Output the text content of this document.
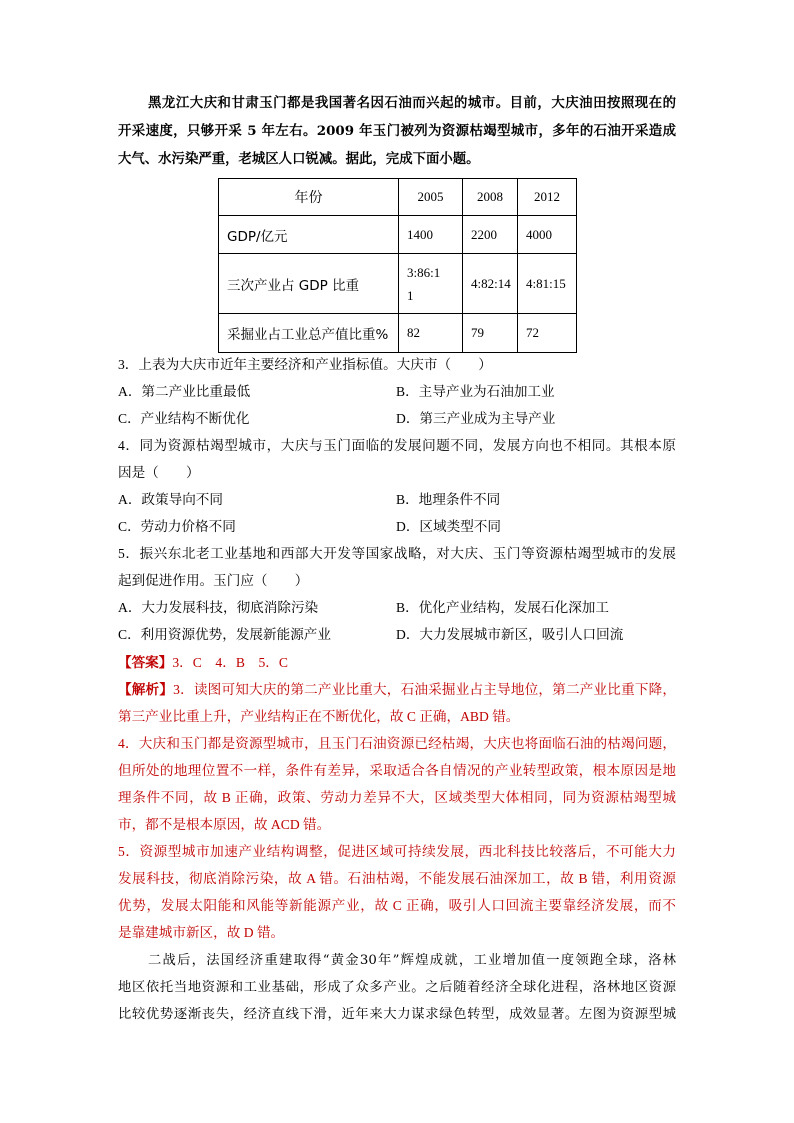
黑龙江大庆和甘肃玉门都是我国著名因石油而兴起的城市。目前，大庆油田按照现在的
开采速度，只够开采 5 年左右。2009 年玉门被列为资源枯竭型城市，多年的石油开采造成
大气、水污染严重，老城区人口锐减。据此，完成下面小题。
年份	2005	2008	2012
GDP/亿元	1400	2200	4000
三次产业占 GDP 比重	3:86:11	4:82:14	4:81:15
采掘业占工业总产值比重%	82	79	72
3．上表为大庆市近年主要经济和产业指标值。大庆市（　　）
A．第二产业比重最低	B．主导产业为石油加工业
C．产业结构不断优化	D．第三产业成为主导产业
4．同为资源枯竭型城市，大庆与玉门面临的发展问题不同，发展方向也不相同。其根本原
因是（　　）
A．政策导向不同	B．地理条件不同
C．劳动力价格不同	D．区域类型不同
5．振兴东北老工业基地和西部大开发等国家战略，对大庆、玉门等资源枯竭型城市的发展
起到促进作用。玉门应（　　）
A．大力发展科技，彻底消除污染	B．优化产业结构，发展石化深加工
C．利用资源优势，发展新能源产业	D．大力发展城市新区，吸引人口回流
【答案】3．C　4．B　5．C
【解析】3．读图可知大庆的第二产业比重大，石油采掘业占主导地位，第二产业比重下降，
第三产业比重上升，产业结构正在不断优化，故 C 正确，ABD 错。
4．大庆和玉门都是资源型城市，且玉门石油资源已经枯竭，大庆也将面临石油的枯竭问题，
但所处的地理位置不一样，条件有差异，采取适合各自情况的产业转型政策，根本原因是地
理条件不同，故 B 正确，政策、劳动力差异不大，区域类型大体相同，同为资源枯竭型城
市，都不是根本原因，故 ACD 错。
5．资源型城市加速产业结构调整，促进区域可持续发展，西北科技比较落后，不可能大力
发展科技，彻底消除污染，故 A 错。石油枯竭，不能发展石油深加工，故 B 错，利用资源
优势，发展太阳能和风能等新能源产业，故 C 正确，吸引人口回流主要靠经济发展，而不
是靠建城市新区，故 D 错。
二战后，法国经济重建取得“黄金30年”辉煌成就，工业增加值一度领跑全球，洛林
地区依托当地资源和工业基础，形成了众多产业。之后随着经济全球化进程，洛林地区资源
比较优势逐渐丧失，经济直线下滑，近年来大力谋求绿色转型，成效显著。左图为资源型城
